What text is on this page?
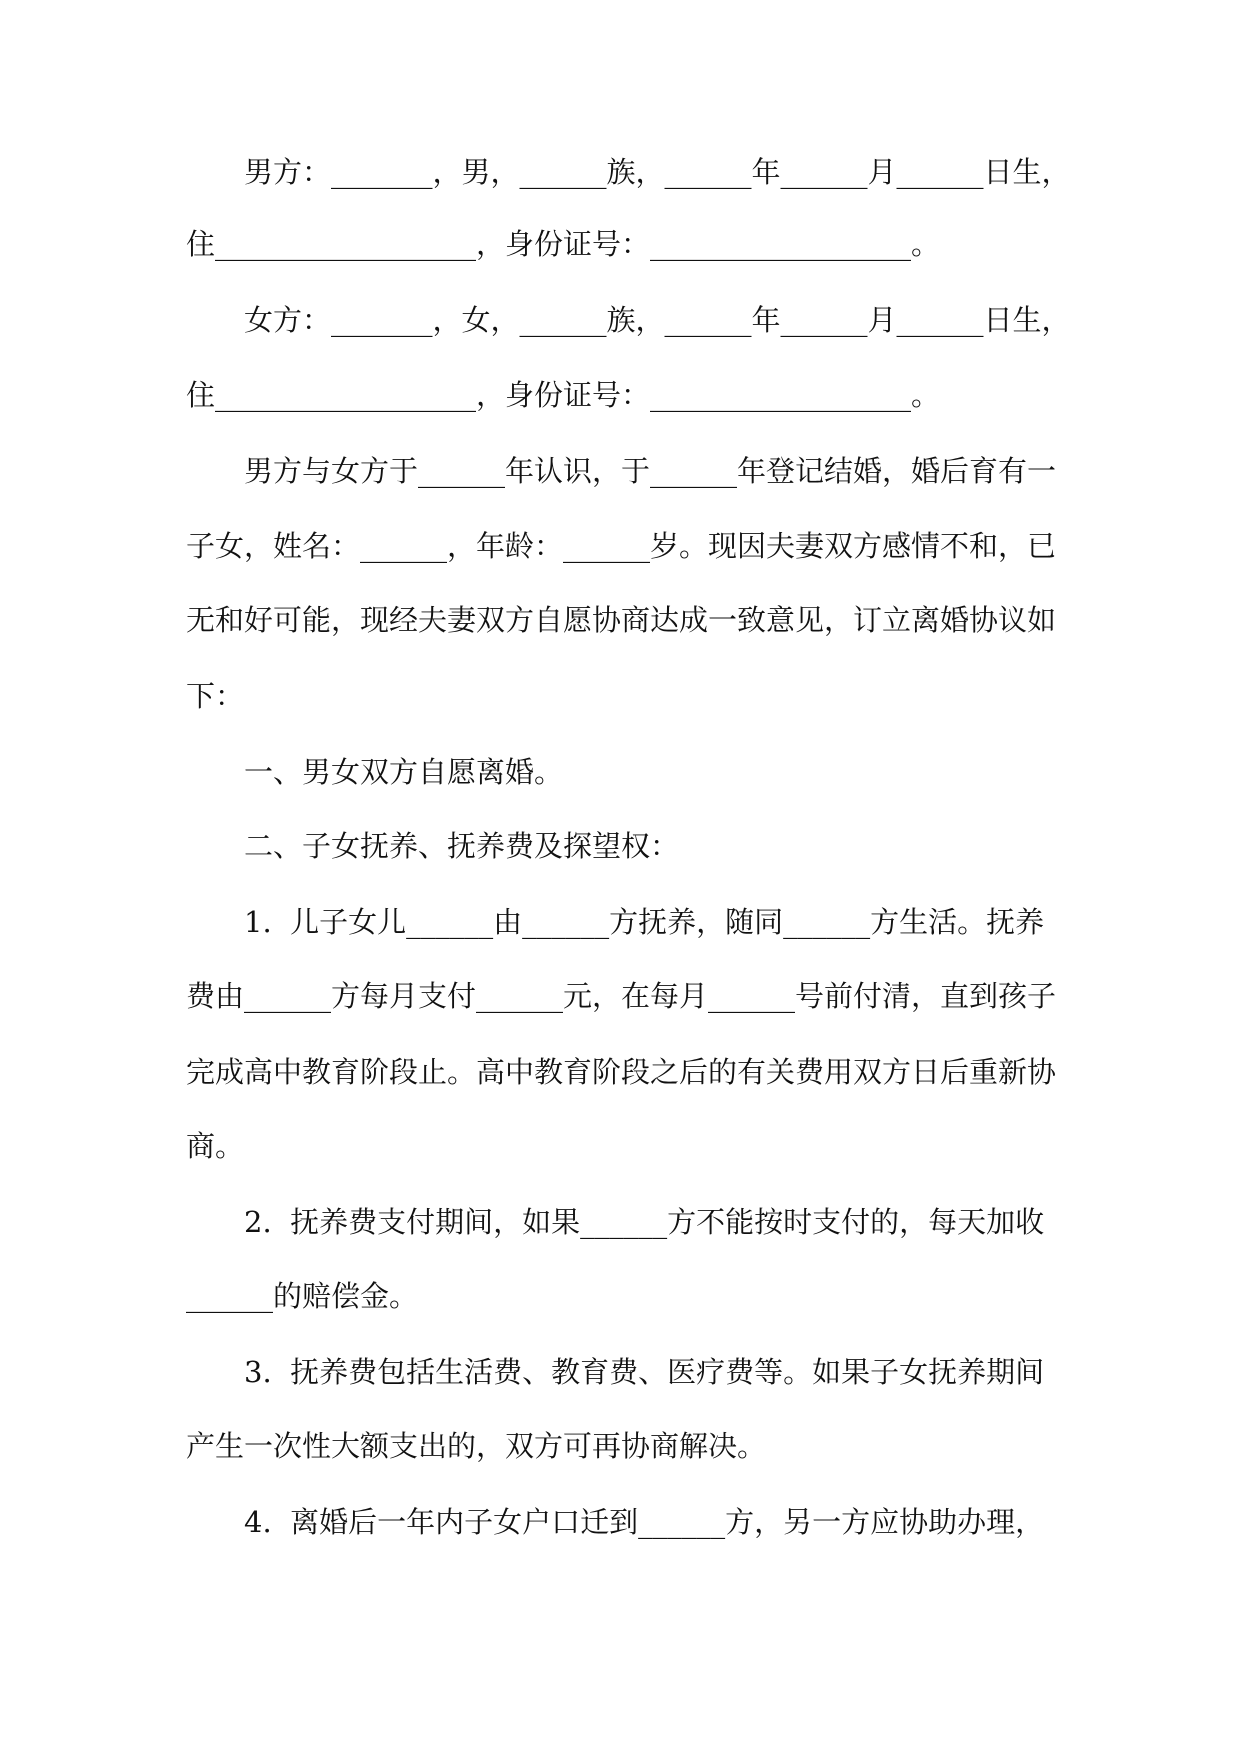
男方：_______，男，______族，______年______月______日生，
住__________________，身份证号：__________________。
女方：_______，女，______族，______年______月______日生，
住__________________，身份证号：__________________。
男方与女方于______年认识，于______年登记结婚，婚后育有一
子女，姓名：______，年龄：______岁。现因夫妻双方感情不和，已
无和好可能，现经夫妻双方自愿协商达成一致意见，订立离婚协议如
下：
一、男女双方自愿离婚。
二、子女抚养、抚养费及探望权：
1.  儿子女儿______由______方抚养，随同______方生活。抚养
费由______方每月支付______元，在每月______号前付清，直到孩子
完成高中教育阶段止。高中教育阶段之后的有关费用双方日后重新协
商。
2.  抚养费支付期间，如果______方不能按时支付的，每天加收
______的赔偿金。
3.  抚养费包括生活费、教育费、医疗费等。如果子女抚养期间
产生一次性大额支出的，双方可再协商解决。
4.  离婚后一年内子女户口迁到______方，另一方应协助办理，
